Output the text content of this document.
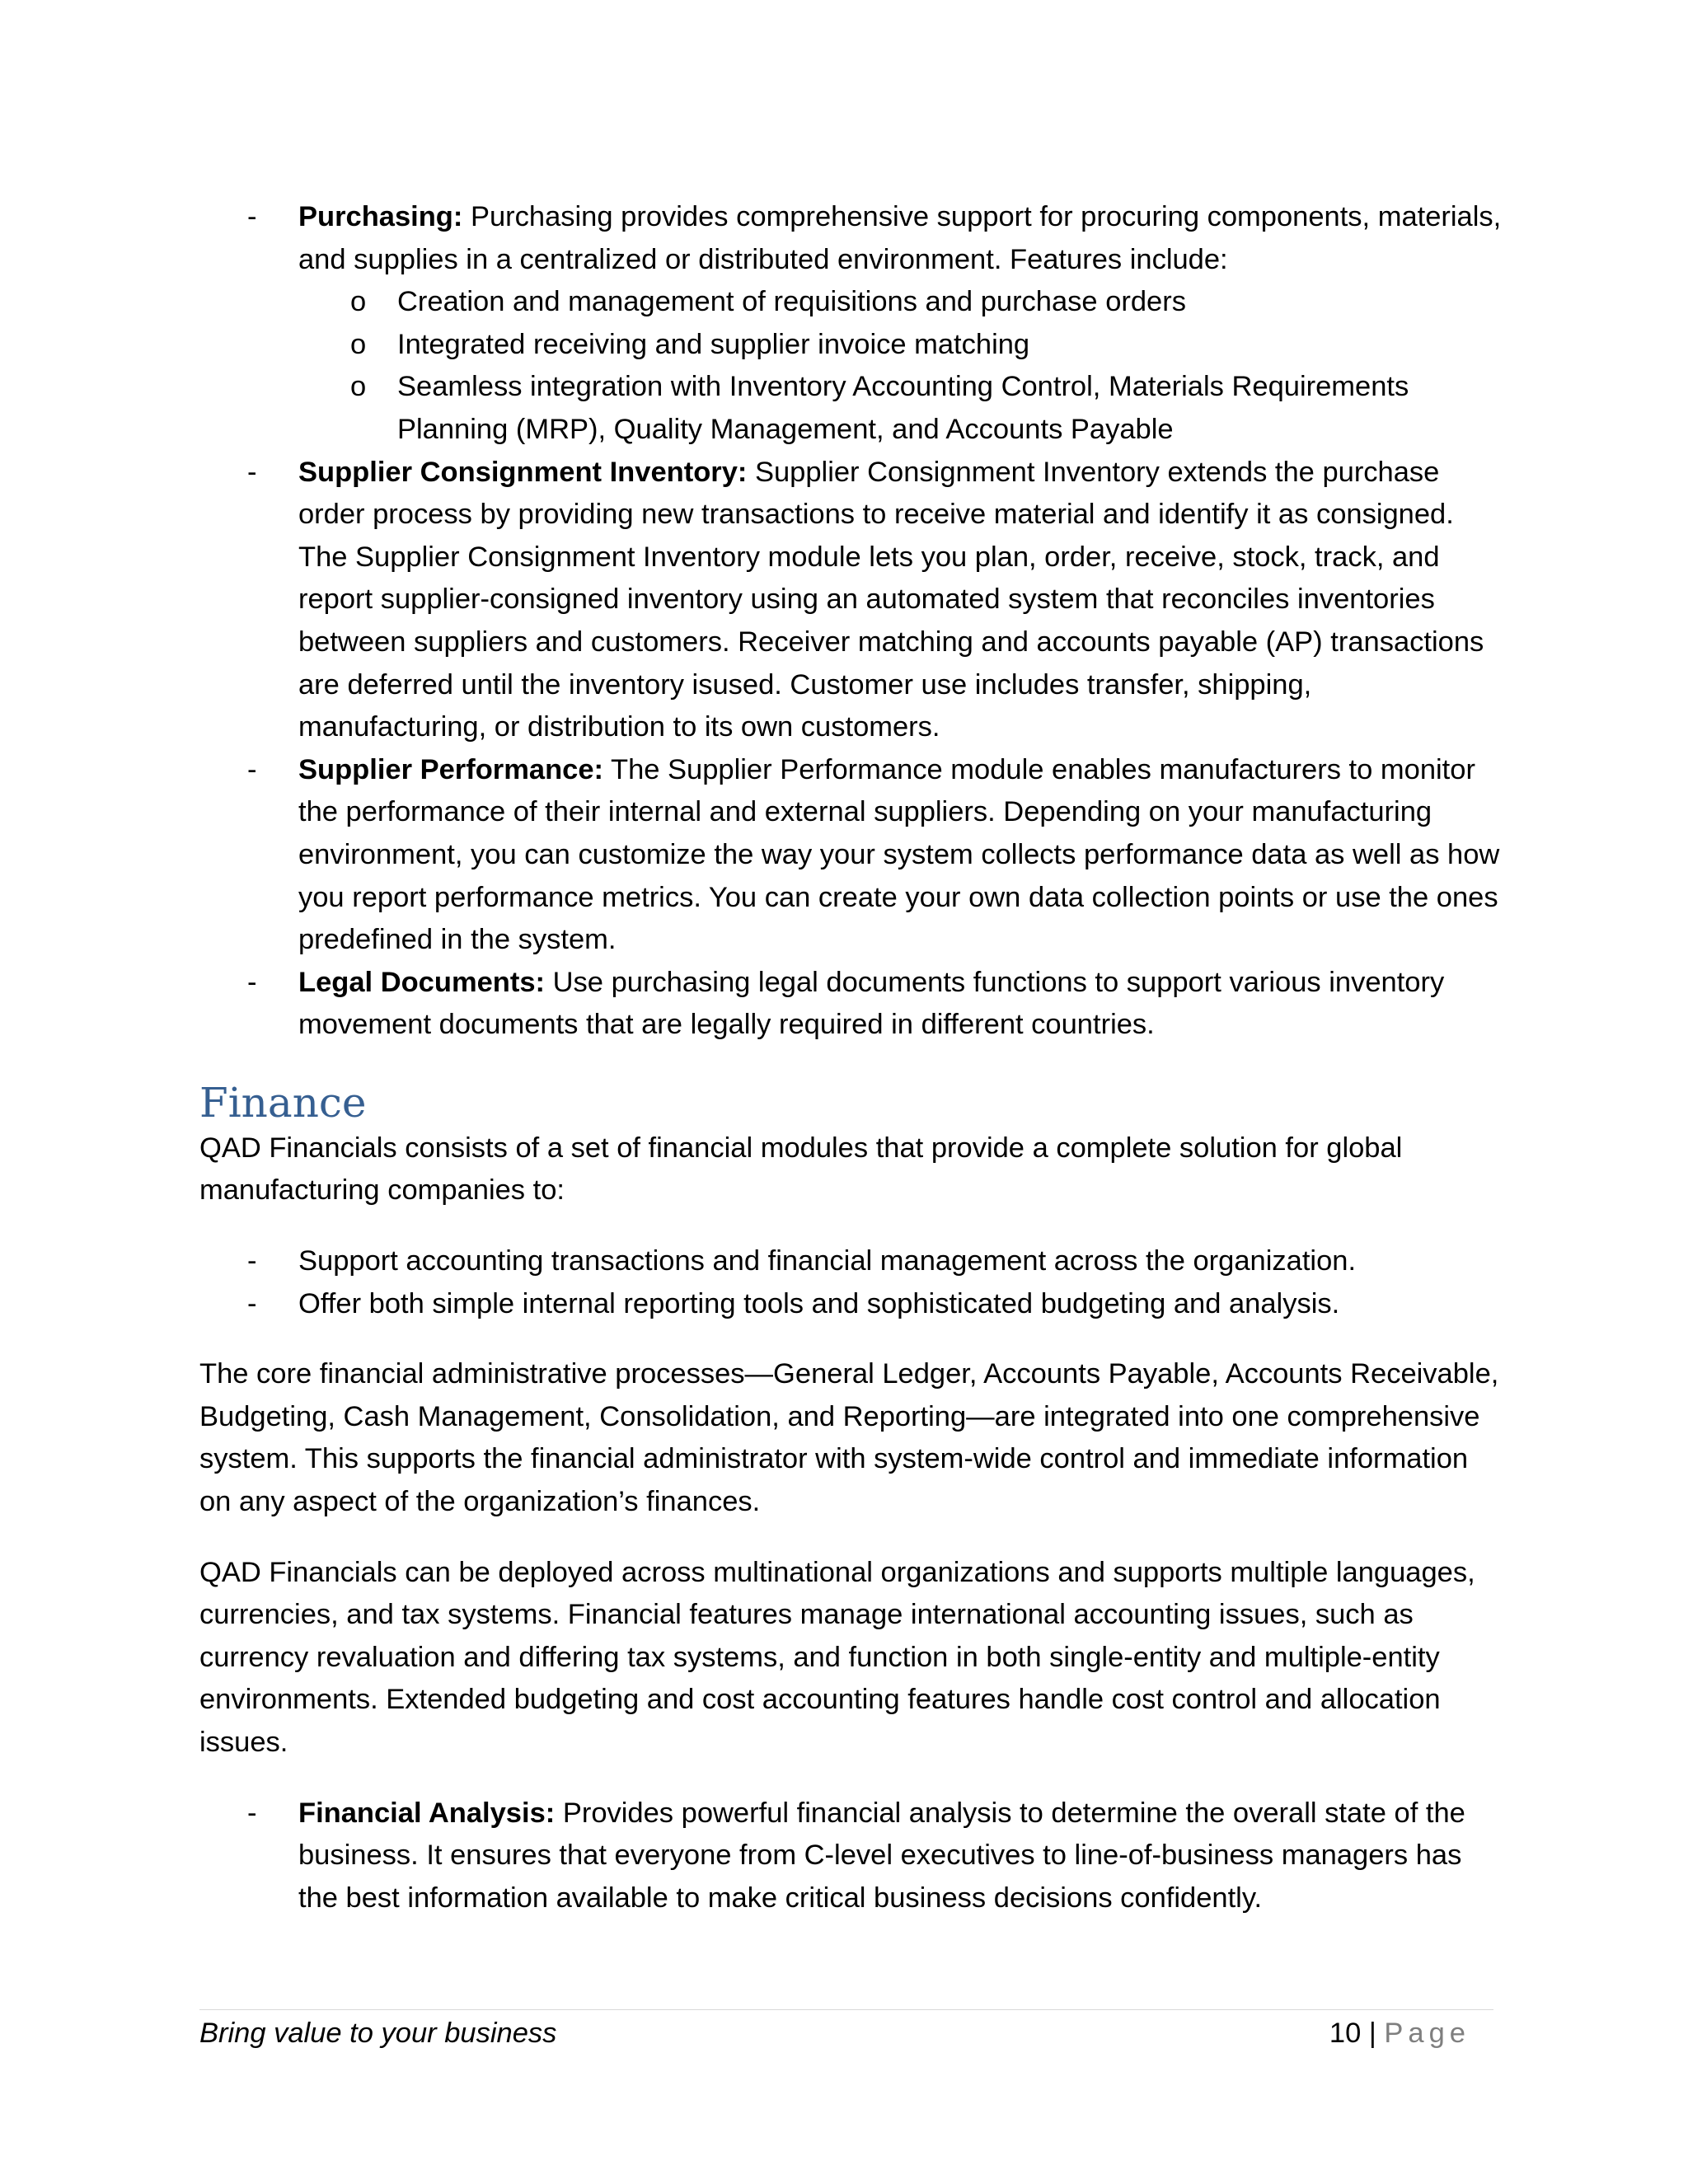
- Purchasing: Purchasing provides comprehensive support for procuring components, materials, and supplies in a centralized or distributed environment. Features include:
o Creation and management of requisitions and purchase orders
o Integrated receiving and supplier invoice matching
o Seamless integration with Inventory Accounting Control, Materials Requirements Planning (MRP), Quality Management, and Accounts Payable
- Supplier Consignment Inventory: Supplier Consignment Inventory extends the purchase order process by providing new transactions to receive material and identify it as consigned. The Supplier Consignment Inventory module lets you plan, order, receive, stock, track, and report supplier-consigned inventory using an automated system that reconciles inventories between suppliers and customers. Receiver matching and accounts payable (AP) transactions are deferred until the inventory isused. Customer use includes transfer, shipping, manufacturing, or distribution to its own customers.
- Supplier Performance: The Supplier Performance module enables manufacturers to monitor the performance of their internal and external suppliers. Depending on your manufacturing environment, you can customize the way your system collects performance data as well as how you report performance metrics. You can create your own data collection points or use the ones predefined in the system.
- Legal Documents: Use purchasing legal documents functions to support various inventory movement documents that are legally required in different countries.
Finance

QAD Financials consists of a set of financial modules that provide a complete solution for global manufacturing companies to:

- Support accounting transactions and financial management across the organization.
- Offer both simple internal reporting tools and sophisticated budgeting and analysis.

The core financial administrative processes—General Ledger, Accounts Payable, Accounts Receivable, Budgeting, Cash Management, Consolidation, and Reporting—are integrated into one comprehensive system. This supports the financial administrator with system-wide control and immediate information on any aspect of the organization’s finances.

QAD Financials can be deployed across multinational organizations and supports multiple languages, currencies, and tax systems. Financial features manage international accounting issues, such as currency revaluation and differing tax systems, and function in both single-entity and multiple-entity environments. Extended budgeting and cost accounting features handle cost control and allocation issues.

- Financial Analysis: Provides powerful financial analysis to determine the overall state of the business. It ensures that everyone from C-level executives to line-of-business managers has the best information available to make critical business decisions confidently.
Bring value to your business	10 | Page
